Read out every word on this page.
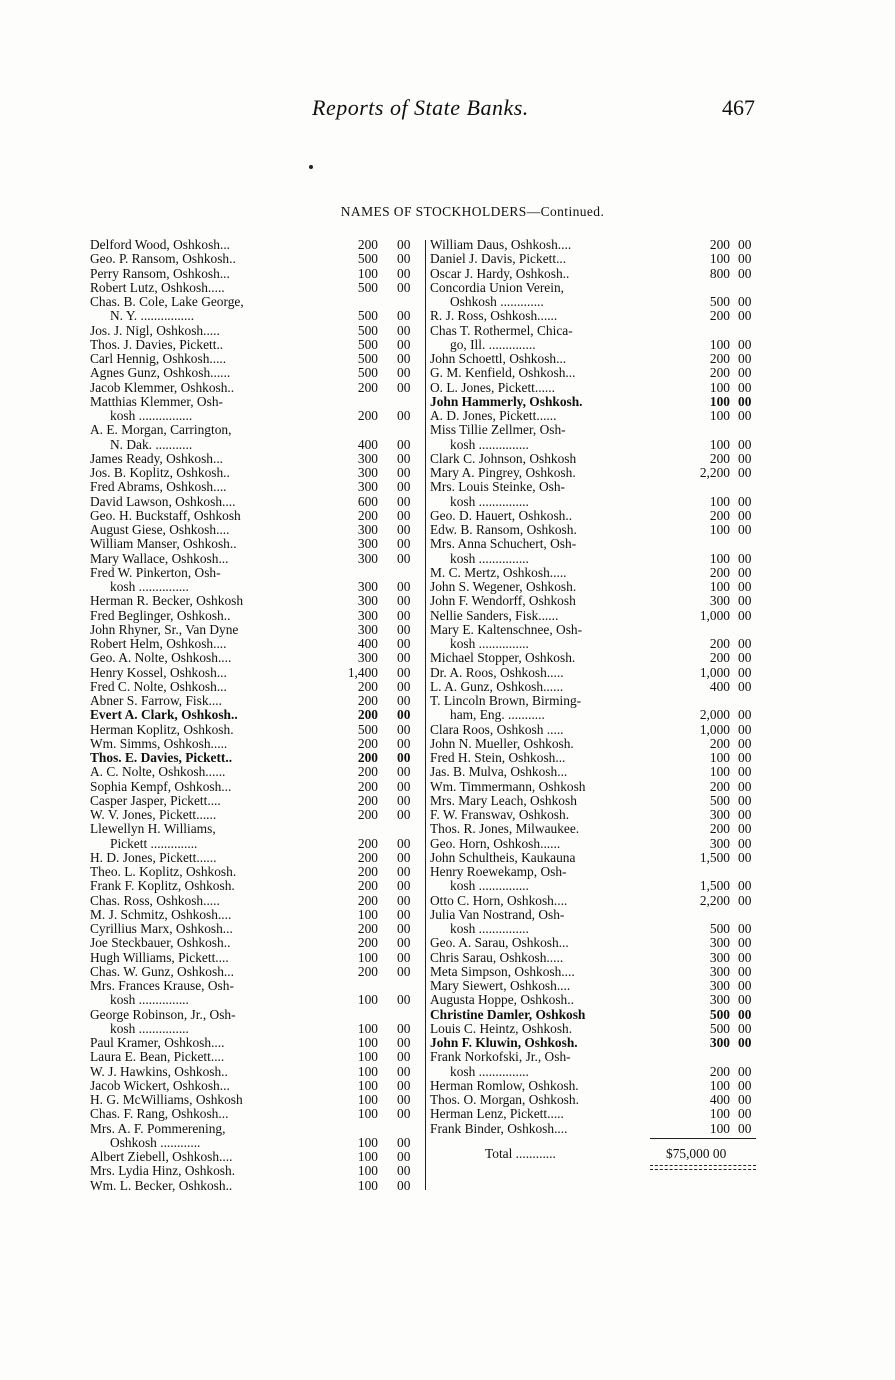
Reports of State Banks.	467
NAMES OF STOCKHOLDERS—Continued.
Delford Wood, Oshkosh...	200 00
Geo. P. Ransom, Oshkosh..	500 00
Perry Ransom, Oshkosh...	100 00
Robert Lutz, Oshkosh.....	500 00
Chas. B. Cole, Lake George,
N. Y. ................	500 00
Jos. J. Nigl, Oshkosh.....	500 00
Thos. J. Davies, Pickett..	500 00
Carl Hennig, Oshkosh.....	500 00
Agnes Gunz, Oshkosh......	500 00
Jacob Klemmer, Oshkosh..	200 00
Matthias Klemmer, Osh-
kosh ................	200 00
A. E. Morgan, Carrington,
N. Dak. ...........	400 00
James Ready, Oshkosh...	300 00
Jos. B. Koplitz, Oshkosh..	300 00
Fred Abrams, Oshkosh....	300 00
David Lawson, Oshkosh....	600 00
Geo. H. Buckstaff, Oshkosh	200 00
August Giese, Oshkosh....	300 00
William Manser, Oshkosh..	300 00
Mary Wallace, Oshkosh...	300 00
Fred W. Pinkerton, Osh-
kosh ...............	300 00
Herman R. Becker, Oshkosh	300 00
Fred Beglinger, Oshkosh..	300 00
John Rhyner, Sr., Van Dyne	300 00
Robert Helm, Oshkosh....	400 00
Geo. A. Nolte, Oshkosh....	300 00
Henry Kossel, Oshkosh...	1,400 00
Fred C. Nolte, Oshkosh...	200 00
Abner S. Farrow, Fisk....	200 00
Evert A. Clark, Oshkosh..	200 00
Herman Koplitz, Oshkosh.	500 00
Wm. Simms, Oshkosh.....	200 00
Thos. E. Davies, Pickett..	200 00
A. C. Nolte, Oshkosh......	200 00
Sophia Kempf, Oshkosh...	200 00
Casper Jasper, Pickett....	200 00
W. V. Jones, Pickett......	200 00
Llewellyn H. Williams,
Pickett ..............	200 00
H. D. Jones, Pickett......	200 00
Theo. L. Koplitz, Oshkosh.	200 00
Frank F. Koplitz, Oshkosh.	200 00
Chas. Ross, Oshkosh.....	200 00
M. J. Schmitz, Oshkosh....	100 00
Cyrillius Marx, Oshkosh...	200 00
Joe Steckbauer, Oshkosh..	200 00
Hugh Williams, Pickett....	100 00
Chas. W. Gunz, Oshkosh...	200 00
Mrs. Frances Krause, Osh-
kosh ...............	100 00
George Robinson, Jr., Osh-
kosh ...............	100 00
Paul Kramer, Oshkosh....	100 00
Laura E. Bean, Pickett....	100 00
W. J. Hawkins, Oshkosh..	100 00
Jacob Wickert, Oshkosh...	100 00
H. G. McWilliams, Oshkosh	100 00
Chas. F. Rang, Oshkosh...	100 00
Mrs. A. F. Pommerening,
Oshkosh ............	100 00
Albert Ziebell, Oshkosh....	100 00
Mrs. Lydia Hinz, Oshkosh.	100 00
Wm. L. Becker, Oshkosh..	100 00
William Daus, Oshkosh....	200 00
Daniel J. Davis, Pickett...	100 00
Oscar J. Hardy, Oshkosh..	800 00
Concordia Union Verein,
Oshkosh .............	500 00
R. J. Ross, Oshkosh......	200 00
Chas T. Rothermel, Chica-
go, Ill. ..............	100 00
John Schoettl, Oshkosh...	200 00
G. M. Kenfield, Oshkosh...	200 00
O. L. Jones, Pickett......	100 00
John Hammerly, Oshkosh.	100 00
A. D. Jones, Pickett......	100 00
Miss Tillie Zellmer, Osh-
kosh ...............	100 00
Clark C. Johnson, Oshkosh	200 00
Mary A. Pingrey, Oshkosh.	2,200 00
Mrs. Louis Steinke, Osh-
kosh ...............	100 00
Geo. D. Hauert, Oshkosh..	200 00
Edw. B. Ransom, Oshkosh.	100 00
Mrs. Anna Schuchert, Osh-
kosh ...............	100 00
M. C. Mertz, Oshkosh.....	200 00
John S. Wegener, Oshkosh.	100 00
John F. Wendorff, Oshkosh	300 00
Nellie Sanders, Fisk......	1,000 00
Mary E. Kaltenschnee, Osh-
kosh ...............	200 00
Michael Stopper, Oshkosh.	200 00
Dr. A. Roos, Oshkosh.....	1,000 00
L. A. Gunz, Oshkosh......	400 00
T. Lincoln Brown, Birming-
ham, Eng. ...........	2,000 00
Clara Roos, Oshkosh .....	1,000 00
John N. Mueller, Oshkosh.	200 00
Fred H. Stein, Oshkosh...	100 00
Jas. B. Mulva, Oshkosh...	100 00
Wm. Timmermann, Oshkosh	200 00
Mrs. Mary Leach, Oshkosh	500 00
F. W. Franswav, Oshkosh.	300 00
Thos. R. Jones, Milwaukee.	200 00
Geo. Horn, Oshkosh......	300 00
John Schultheis, Kaukauna	1,500 00
Henry Roewekamp, Osh-
kosh ...............	1,500 00
Otto C. Horn, Oshkosh....	2,200 00
Julia Van Nostrand, Osh-
kosh ...............	500 00
Geo. A. Sarau, Oshkosh...	300 00
Chris Sarau, Oshkosh.....	300 00
Meta Simpson, Oshkosh....	300 00
Mary Siewert, Oshkosh....	300 00
Augusta Hoppe, Oshkosh..	300 00
Christine Damler, Oshkosh	500 00
Louis C. Heintz, Oshkosh.	500 00
John F. Kluwin, Oshkosh.	300 00
Frank Norkofski, Jr., Osh-
kosh ...............	200 00
Herman Romlow, Oshkosh.	100 00
Thos. O. Morgan, Oshkosh.	400 00
Herman Lenz, Pickett.....	100 00
Frank Binder, Oshkosh....	100 00
Total ............	$75,000 00
